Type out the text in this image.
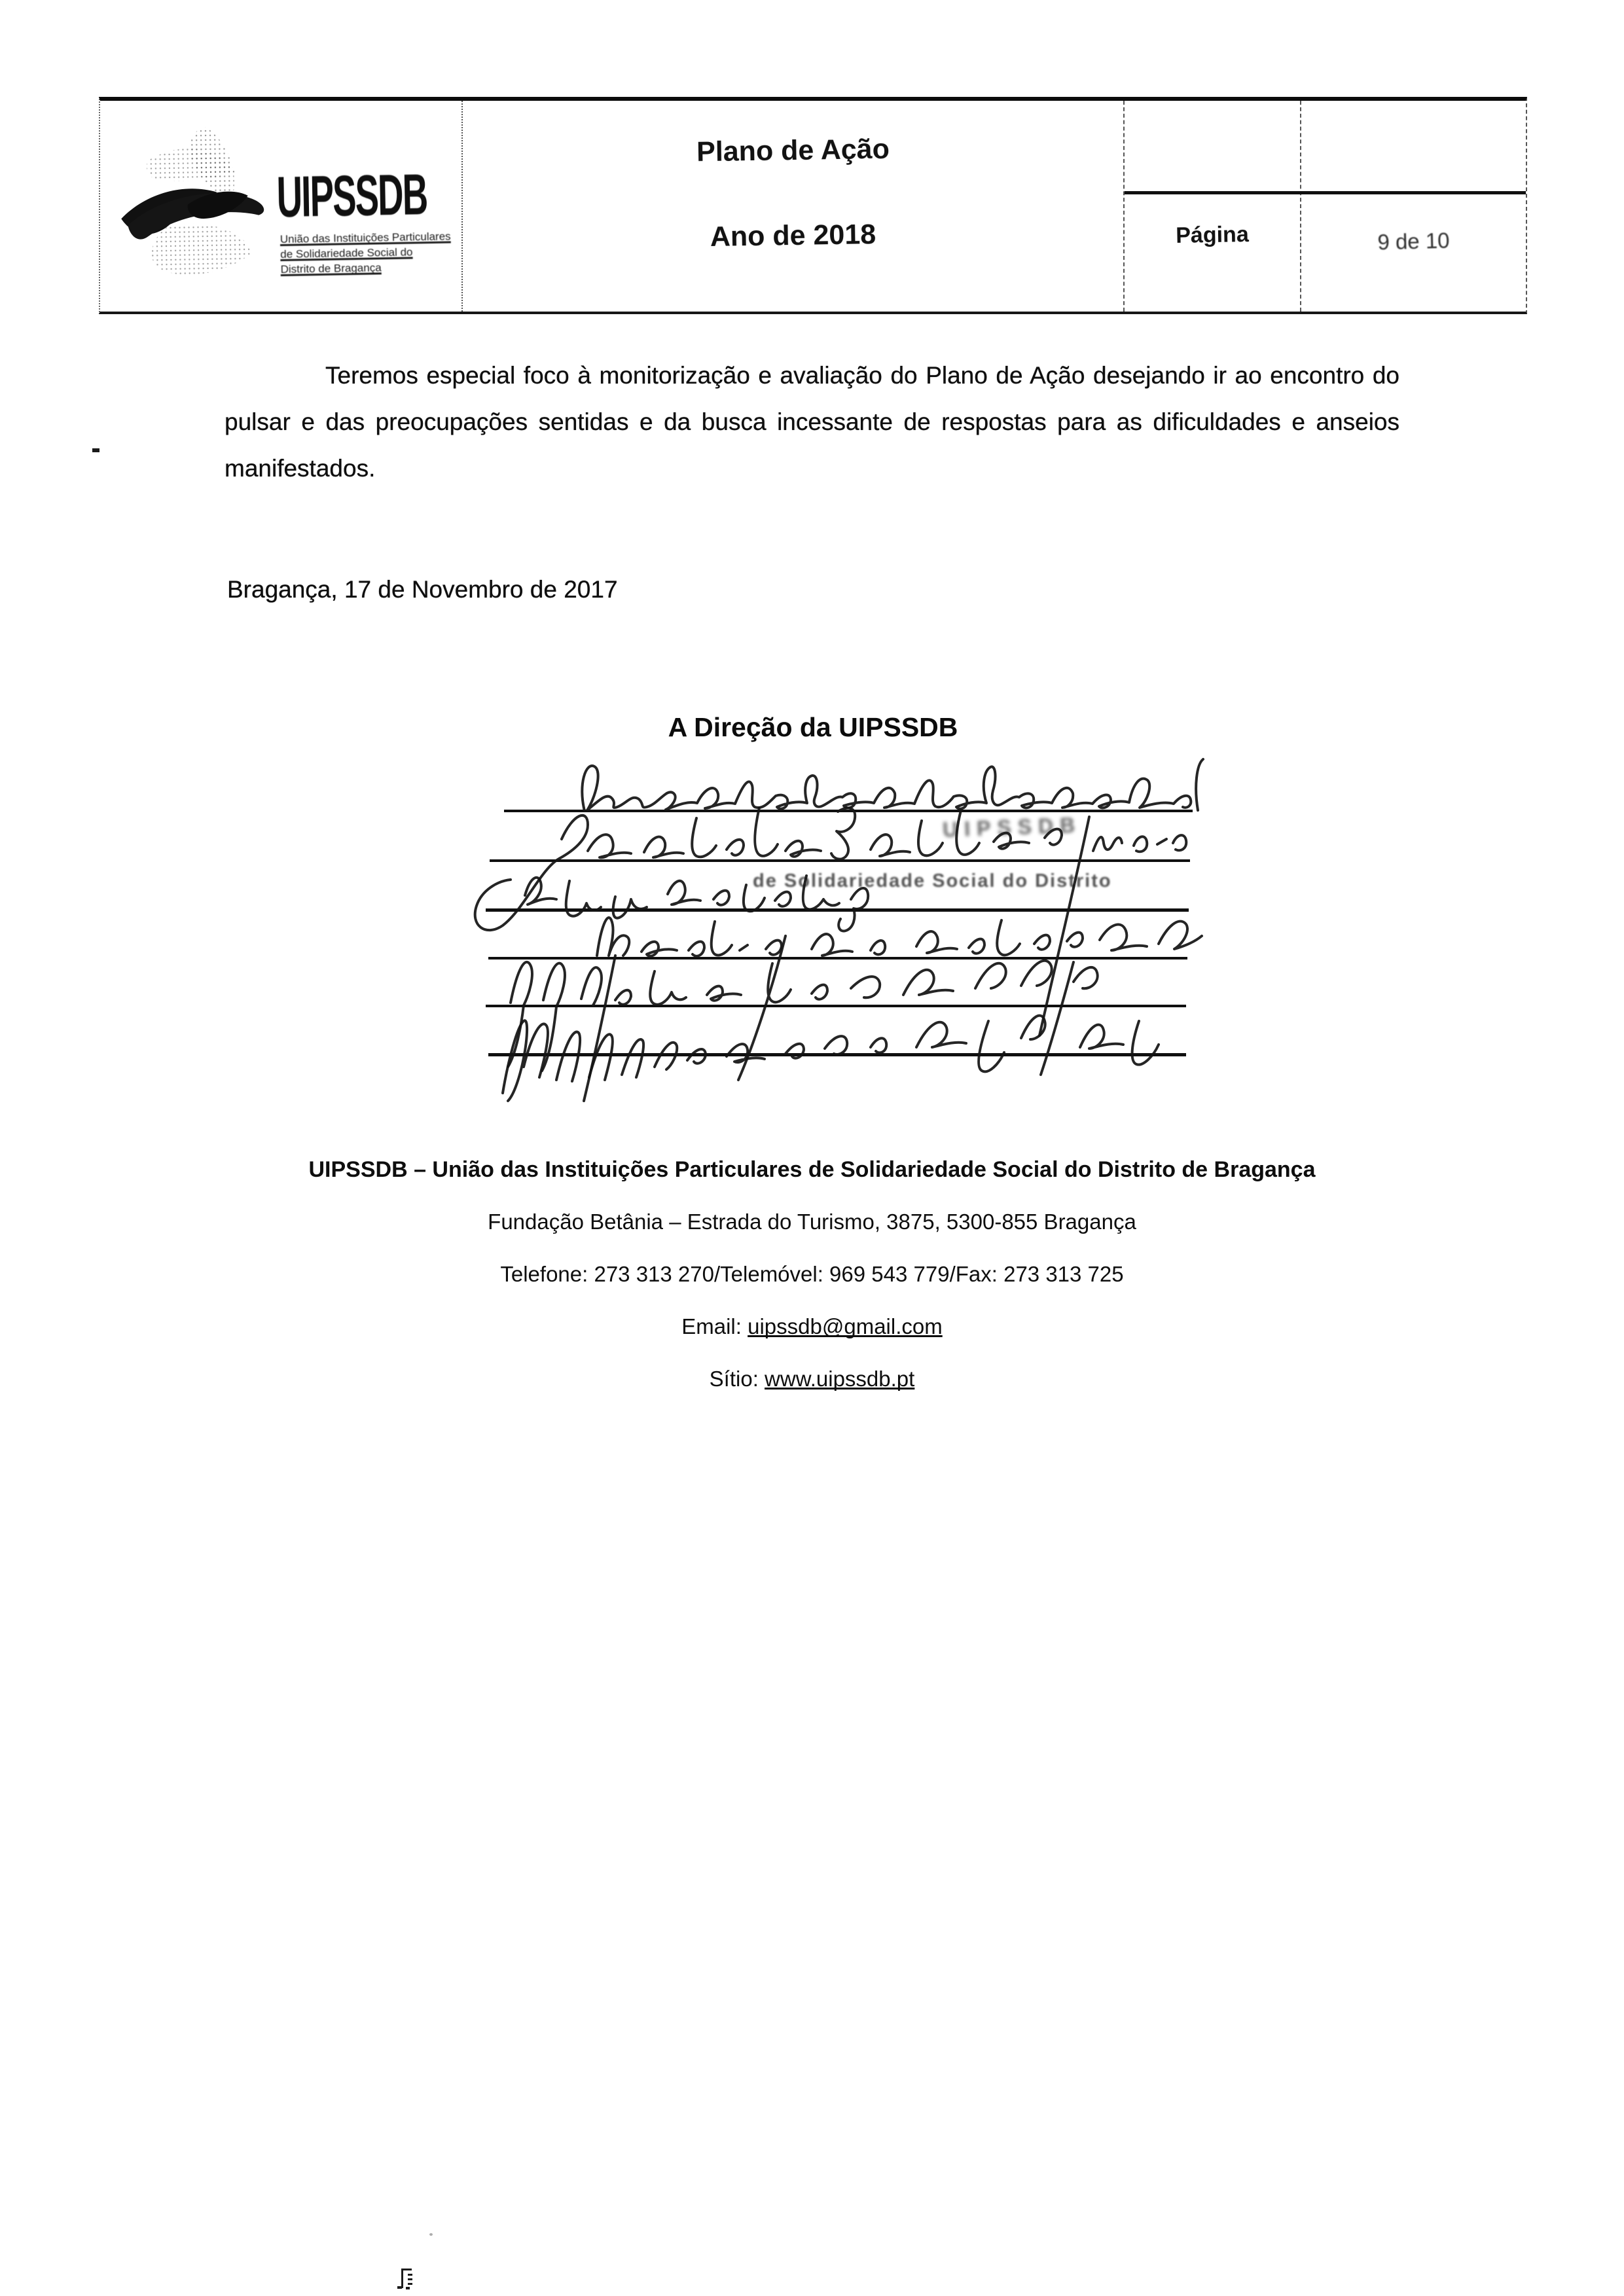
UIPSSDB
União das Instituições Particulares
de Solidariedade Social do
Distrito de Bragança
Plano de Ação
Ano de 2018	Página	9 de 10

Teremos especial foco à monitorização e avaliação do Plano de Ação desejando ir ao encontro do pulsar e das preocupações sentidas e da busca incessante de respostas para as dificuldades e anseios manifestados.

Bragança, 17 de Novembro de 2017
A Direção da UIPSSDB
UIPSSDB
de Solidariedade Social do Distrito
UIPSSDB – União das Instituições Particulares de Solidariedade Social do Distrito de Bragança
Fundação Betânia – Estrada do Turismo, 3875, 5300-855 Bragança
Telefone: 273 313 270/Telemóvel: 969 543 779/Fax: 273 313 725
Email: uipssdb@gmail.com
Sítio: www.uipssdb.pt
